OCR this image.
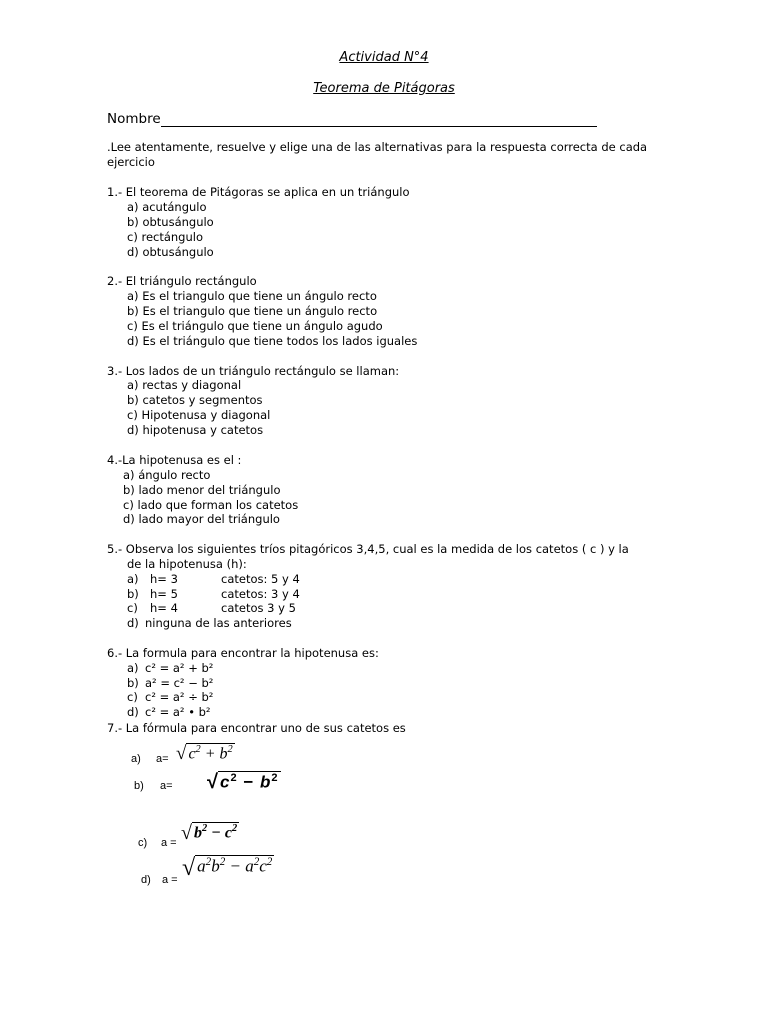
Actividad N°4
Teorema de Pitágoras
Nombre
.Lee atentamente, resuelve y elige una de las alternativas para la respuesta correcta de cada
ejercicio
1.- El teorema de Pitágoras se aplica en un triángulo
a) acutángulo
b) obtusángulo
c) rectángulo
d) obtusángulo
2.- El triángulo rectángulo
a) Es el triangulo que tiene un ángulo recto
b) Es el triangulo que tiene un ángulo recto
c) Es el triángulo que tiene un ángulo agudo
d) Es el triángulo que tiene todos los lados iguales
3.- Los lados de un triángulo rectángulo se llaman:
a) rectas y diagonal
b) catetos y segmentos
c) Hipotenusa y diagonal
d) hipotenusa y catetos
4.-La hipotenusa es el :
a) ángulo recto
b) lado menor del triángulo
c) lado que forman los catetos
d) lado mayor del triángulo
5.- Observa los siguientes tríos pitagóricos 3,4,5, cual es la medida de los catetos ( c ) y la
de la hipotenusa (h):
a) h= 3	catetos: 5 y 4
b) h= 5	catetos: 3 y 4
c) h= 4	catetos 3 y 5
d) ninguna de las anteriores
6.- La formula para encontrar la hipotenusa es:
a) c² = a² + b²
b) a² = c² − b²
c) c² = a² ÷ b²
d) c² = a² • b²
7.- La fórmula para encontrar uno de sus catetos es
a) a= √ $c^2 + b^2$
b) a= √ $c^2 - b^2$
c) a = √ $b^2 - c^2$
d) a = √ $a^2b^2 - a^2c^2$
